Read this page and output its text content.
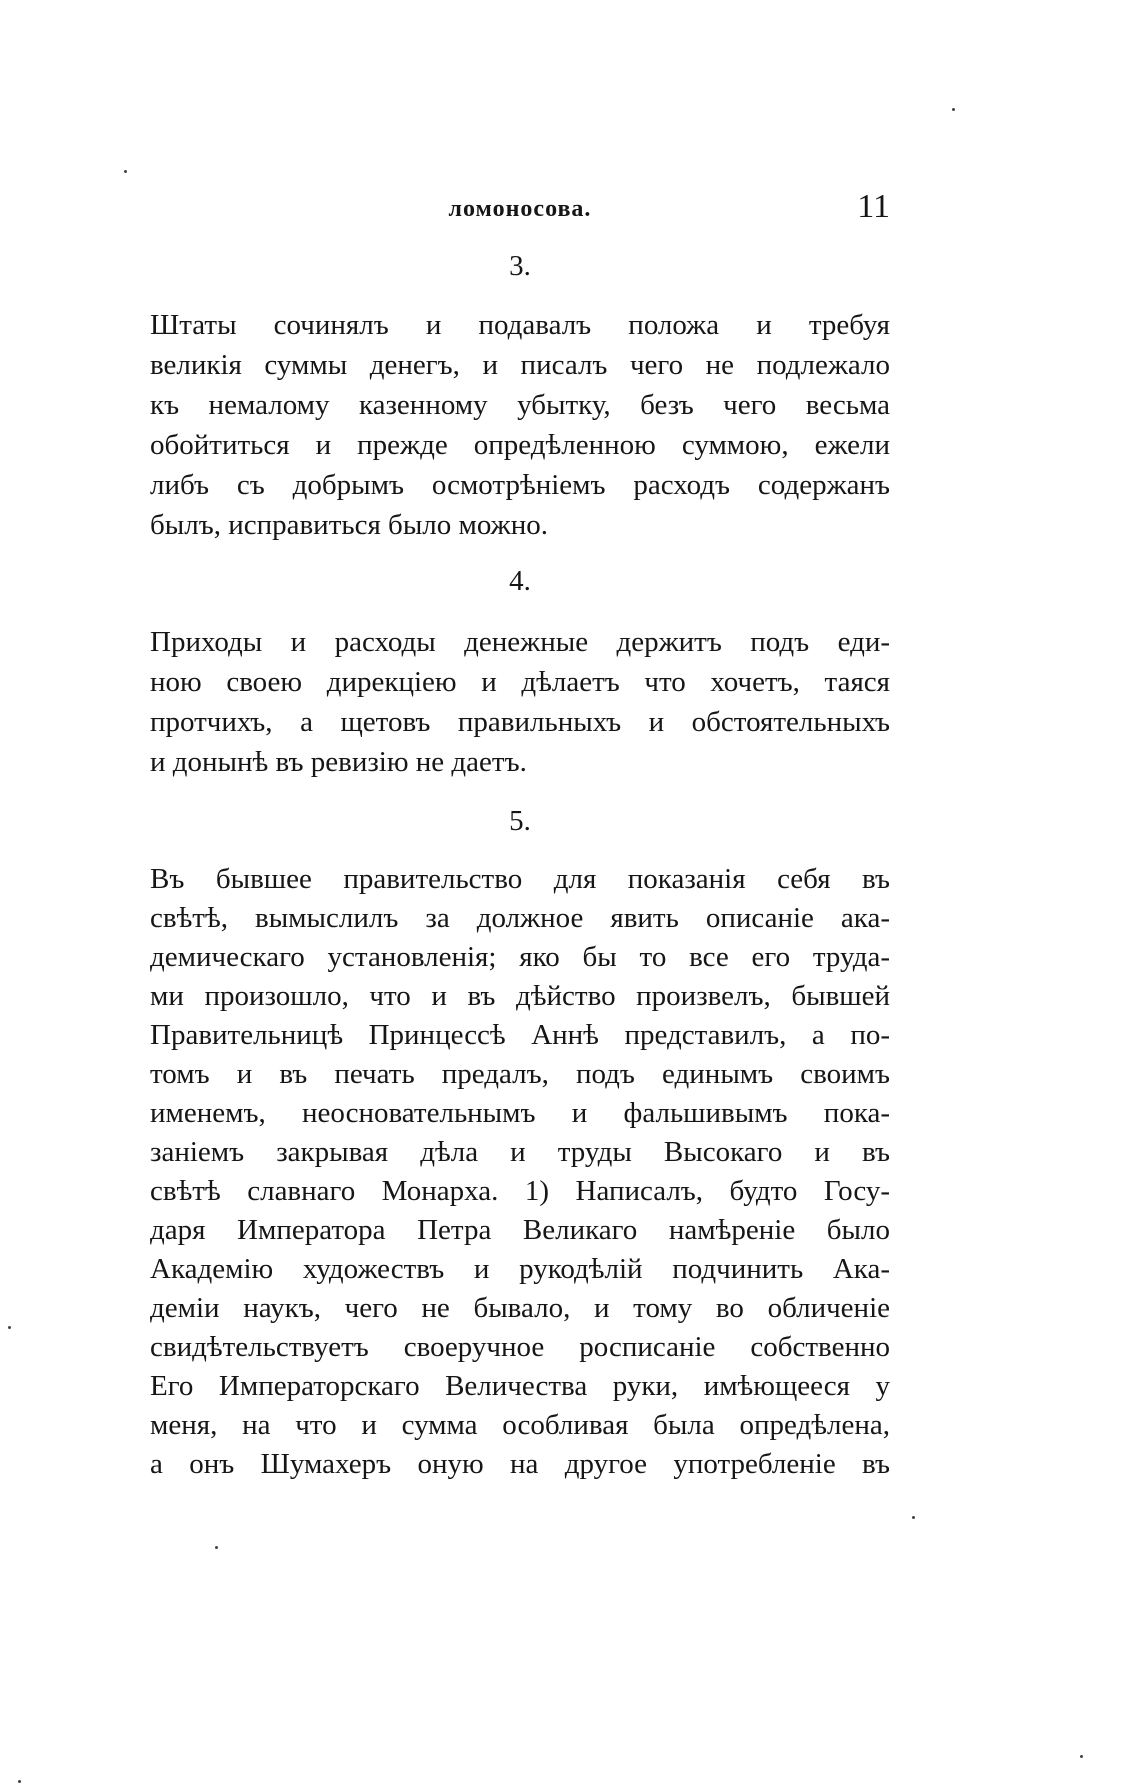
ломоносова.	11
3.
Штаты сочинялъ и подавалъ положа и требуя
великія суммы денегъ, и писалъ чего не подлежало
къ немалому казенному убытку, безъ чего весьма
обойтиться и прежде опредѣленною суммою, ежели
либъ съ добрымъ осмотрѣніемъ расходъ содержанъ
былъ, исправиться было можно.
4.
Приходы и расходы денежные держитъ подъ еди-
ною своею дирекціею и дѣлаетъ что хочетъ, таяся
протчихъ, а щетовъ правильныхъ и обстоятельныхъ
и донынѣ въ ревизію не даетъ.
5.
Въ бывшее правительство для показанія себя въ
свѣтѣ, вымыслилъ за должное явить описаніе ака-
демическаго установленія; яко бы то все его труда-
ми произошло, что и въ дѣйство произвелъ, бывшей
Правительницѣ Принцессѣ Аннѣ представилъ, а по-
томъ и въ печать предалъ, подъ единымъ своимъ
именемъ, неосновательнымъ и фальшивымъ пока-
заніемъ закрывая дѣла и труды Высокаго и въ
свѣтѣ славнаго Монарха. 1) Написалъ, будто Госу-
даря Императора Петра Великаго намѣреніе было
Академію художествъ и рукодѣлій подчинить Ака-
деміи наукъ, чего не бывало, и тому во обличеніе
свидѣтельствуетъ своеручное росписаніе собственно
Его Императорскаго Величества руки, имѣющееся у
меня, на что и сумма особливая была опредѣлена,
а онъ Шумахеръ оную на другое употребленіе въ
